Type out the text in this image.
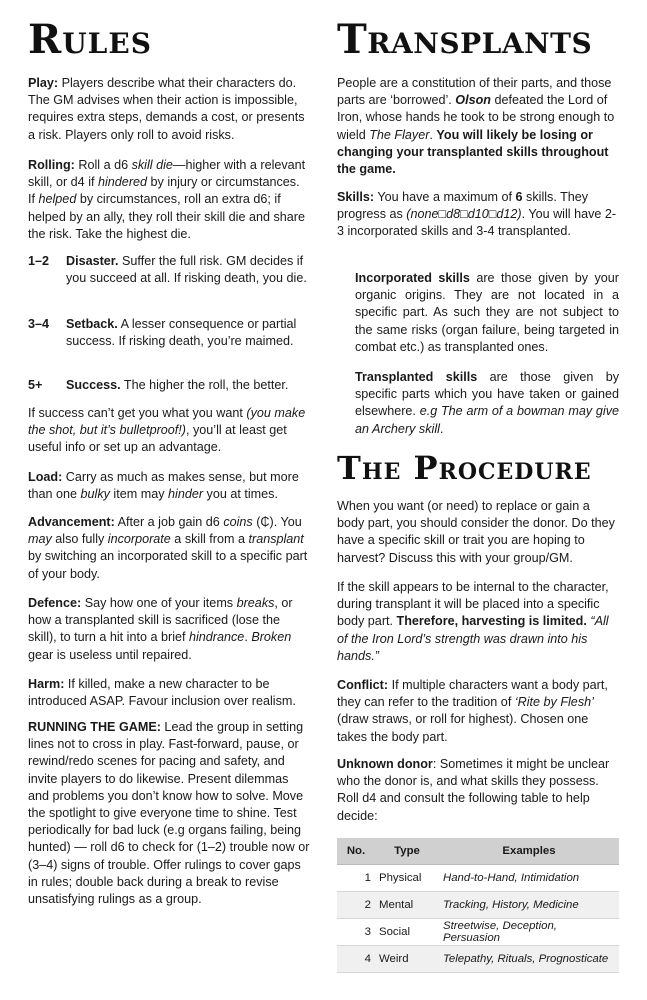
Rules

Play: Players describe what their characters do. The GM advises when their action is impossible, requires extra steps, demands a cost, or presents a risk. Players only roll to avoid risks.

Rolling: Roll a d6 skill die—higher with a relevant skill, or d4 if hindered by injury or circumstances. If helped by circumstances, roll an extra d6; if helped by an ally, they roll their skill die and share the risk. Take the highest die.

1–2	Disaster. Suffer the full risk. GM decides if you succeed at all. If risking death, you die.
3–4	Setback. A lesser consequence or partial success. If risking death, you’re maimed.
5+	Success. The higher the roll, the better.

If success can’t get you what you want (you make the shot, but it’s bulletproof!), you’ll at least get useful info or set up an advantage.

Load: Carry as much as makes sense, but more than one bulky item may hinder you at times.

Advancement: After a job gain d6 coins (₵). You may also fully incorporate a skill from a transplant by switching an incorporated skill to a specific part of your body.

Defence: Say how one of your items breaks, or how a transplanted skill is sacrificed (lose the skill), to turn a hit into a brief hindrance. Broken gear is useless until repaired.

Harm: If killed, make a new character to be introduced ASAP. Favour inclusion over realism.

RUNNING THE GAME: Lead the group in setting lines not to cross in play. Fast-forward, pause, or rewind/redo scenes for pacing and safety, and invite players to do likewise. Present dilemmas and problems you don’t know how to solve. Move the spotlight to give everyone time to shine. Test periodically for bad luck (e.g organs failing, being hunted) — roll d6 to check for (1–2) trouble now or (3–4) signs of trouble. Offer rulings to cover gaps in rules; double back during a break to revise unsatisfying rulings as a group.

Transplants

People are a constitution of their parts, and those parts are ‘borrowed’. Olson defeated the Lord of Iron, whose hands he took to be strong enough to wield The Flayer. You will likely be losing or changing your transplanted skills throughout the game.

Skills: You have a maximum of 6 skills. They progress as (none□d8□d10□d12). You will have 2-3 incorporated skills and 3-4 transplanted.

Incorporated skills are those given by your organic origins. They are not located in a specific part. As such they are not subject to the same risks (organ failure, being targeted in combat etc.) as transplanted ones.

Transplanted skills are those given by specific parts which you have taken or gained elsewhere. e.g The arm of a bowman may give an Archery skill.

The Procedure

When you want (or need) to replace or gain a body part, you should consider the donor. Do they have a specific skill or trait you are hoping to harvest? Discuss this with your group/GM.

If the skill appears to be internal to the character, during transplant it will be placed into a specific body part. Therefore, harvesting is limited. “All of the Iron Lord’s strength was drawn into his hands.”

Conflict: If multiple characters want a body part, they can refer to the tradition of ‘Rite by Flesh’ (draw straws, or roll for highest). Chosen one takes the body part.

Unknown donor: Sometimes it might be unclear who the donor is, and what skills they possess. Roll d4 and consult the following table to help decide:

No.	Type	Examples
1	Physical	Hand-to-Hand, Intimidation
2	Mental	Tracking, History, Medicine
3	Social	Streetwise, Deception, Persuasion
4	Weird	Telepathy, Rituals, Prognosticate
